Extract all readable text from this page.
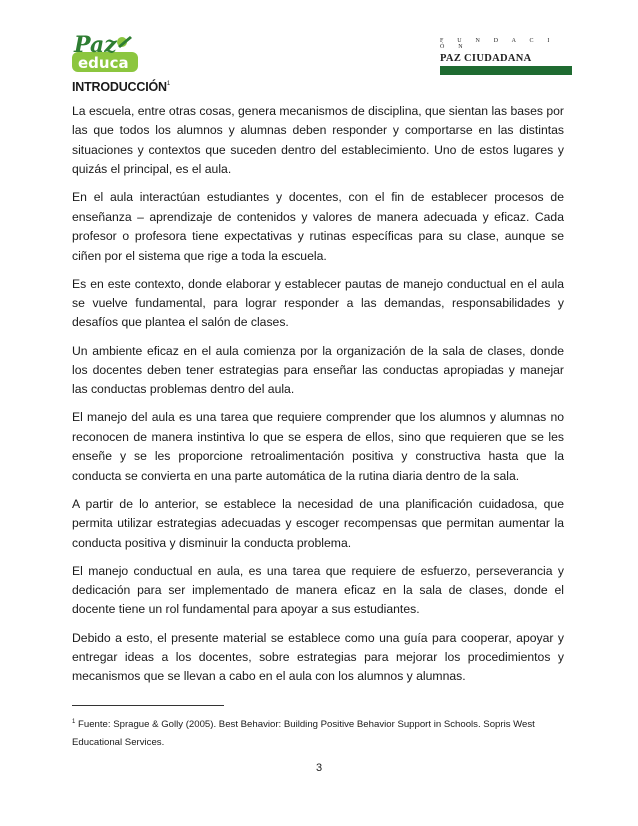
Paz
educa
F U N D A C I Ó N
PAZ CIUDADANA
INTRODUCCIÓN$^1$

La escuela, entre otras cosas, genera mecanismos de disciplina, que sientan las bases por las que todos los alumnos y alumnas deben responder y comportarse en las distintas situaciones y contextos que suceden dentro del establecimiento. Uno de estos lugares y quizás el principal, es el aula.

En el aula interactúan estudiantes y docentes, con el fin de establecer procesos de enseñanza – aprendizaje de contenidos y valores de manera adecuada y eficaz. Cada profesor o profesora tiene expectativas y rutinas específicas para su clase, aunque se ciñen por el sistema que rige a toda la escuela.

Es en este contexto, donde elaborar y establecer pautas de manejo conductual en el aula se vuelve fundamental, para lograr responder a las demandas, responsabilidades y desafíos que plantea el salón de clases.

Un ambiente eficaz en el aula comienza por la organización de la sala de clases, donde los docentes deben tener estrategias para enseñar las conductas apropiadas y manejar las conductas problemas dentro del aula.

El manejo del aula es una tarea que requiere comprender que los alumnos y alumnas no reconocen de manera instintiva lo que se espera de ellos, sino que requieren que se les enseñe y se les proporcione retroalimentación positiva y constructiva hasta que la conducta se convierta en una parte automática de la rutina diaria dentro de la sala.

A partir de lo anterior, se establece la necesidad de una planificación cuidadosa, que permita utilizar estrategias adecuadas y escoger recompensas que permitan aumentar la conducta positiva y disminuir la conducta problema.

El manejo conductual en aula, es una tarea que requiere de esfuerzo, perseverancia y dedicación para ser implementado de manera eficaz en la sala de clases, donde el docente tiene un rol fundamental para apoyar a sus estudiantes.

Debido a esto, el presente material se establece como una guía para cooperar, apoyar y entregar ideas a los docentes, sobre estrategias para mejorar los procedimientos y mecanismos que se llevan a cabo en el aula con los alumnos y alumnas.

$^1$ Fuente: Sprague & Golly (2005). Best Behavior: Building Positive Behavior Support in Schools. Sopris West Educational Services.
3
